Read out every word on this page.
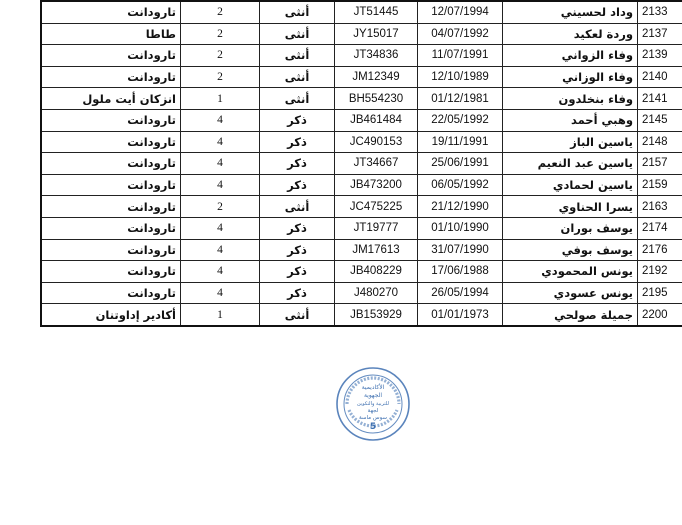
تارودانت	2	أنثى	JT51445	12/07/1994	وداد لحسيني	2133
طاطا	2	أنثى	JY15017	04/07/1992	وردة لعكيد	2137
تارودانت	2	أنثى	JT34836	11/07/1991	وفاء الزواني	2139
تارودانت	2	أنثى	JM12349	12/10/1989	وفاء الوزاني	2140
انزكان أيت ملول	1	أنثى	BH554230	01/12/1981	وفاء بنخلدون	2141
تارودانت	4	ذكر	JB461484	22/05/1992	وهبي أحمد	2145
تارودانت	4	ذكر	JC490153	19/11/1991	ياسين الباز	2148
تارودانت	4	ذكر	JT34667	25/06/1991	ياسين عبد النعيم	2157
تارودانت	4	ذكر	JB473200	06/05/1992	ياسين لحمادي	2159
تارودانت	2	أنثى	JC475225	21/12/1990	يسرا الحناوي	2163
تارودانت	4	ذكر	JT19777	01/10/1990	يوسف بوران	2174
تارودانت	4	ذكر	JM17613	31/07/1990	يوسف بوفي	2176
تارودانت	4	ذكر	JB408229	17/06/1988	يونس المحمودي	2192
تارودانت	4	ذكر	J480270	26/05/1994	يونس عسودي	2195
أكادير إداوتنان	1	أنثى	JB153929	01/01/1973	جميلة صولحي	2200
الأكاديمية
الجهوية
للتربية والتكوين
لجهة
سوس ماسة
5
